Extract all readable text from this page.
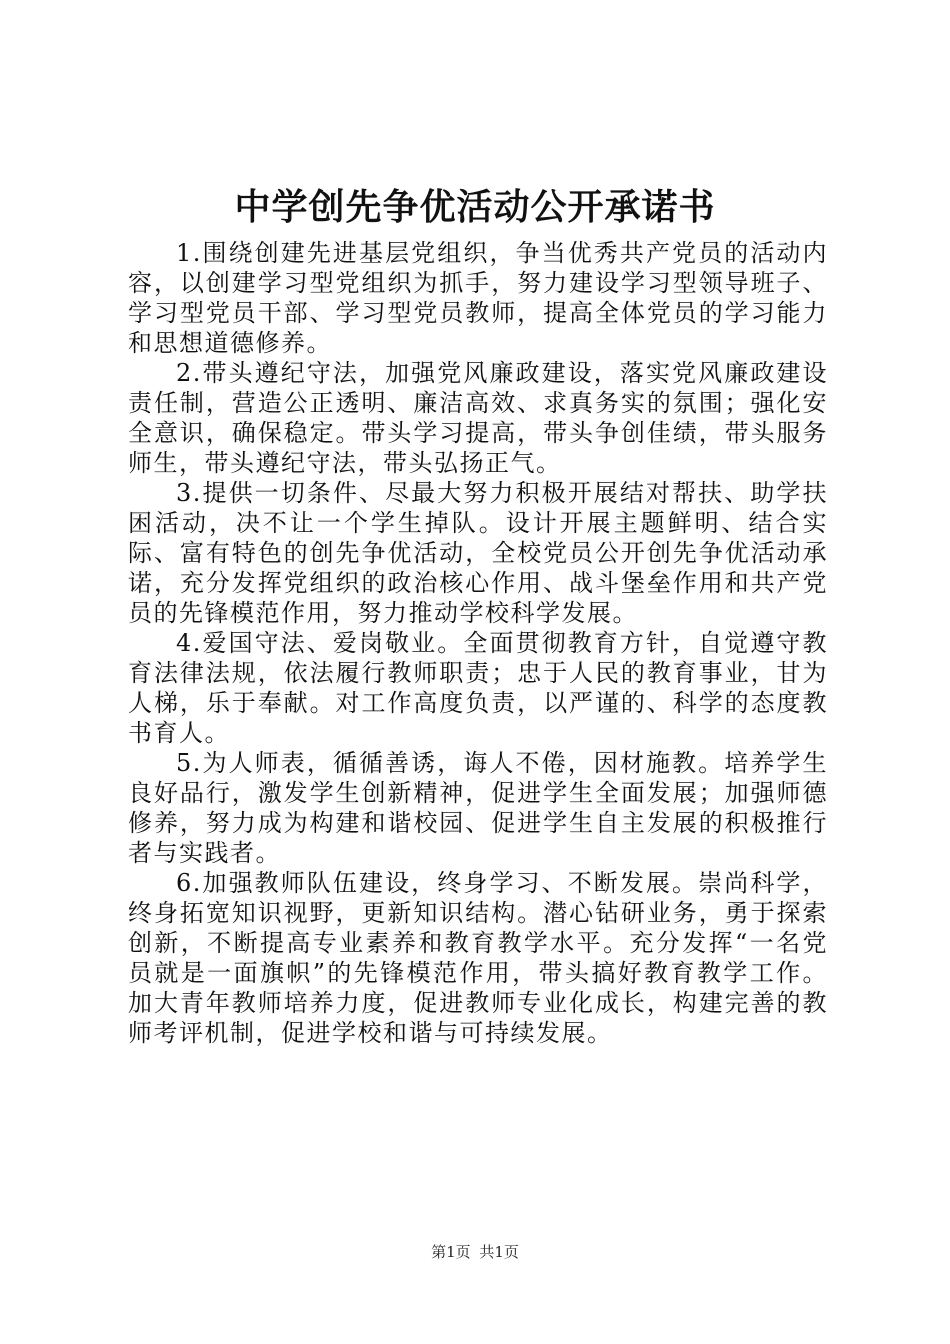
中学创先争优活动公开承诺书

1.围绕创建先进基层党组织，争当优秀共产党员的活动内容，以创建学习型党组织为抓手，努力建设学习型领导班子、学习型党员干部、学习型党员教师，提高全体党员的学习能力和思想道德修养。

2.带头遵纪守法，加强党风廉政建设，落实党风廉政建设责任制，营造公正透明、廉洁高效、求真务实的氛围；强化安全意识，确保稳定。带头学习提高，带头争创佳绩，带头服务师生，带头遵纪守法，带头弘扬正气。

3.提供一切条件、尽最大努力积极开展结对帮扶、助学扶困活动，决不让一个学生掉队。设计开展主题鲜明、结合实际、富有特色的创先争优活动，全校党员公开创先争优活动承诺，充分发挥党组织的政治核心作用、战斗堡垒作用和共产党员的先锋模范作用，努力推动学校科学发展。

4.爱国守法、爱岗敬业。全面贯彻教育方针，自觉遵守教育法律法规，依法履行教师职责；忠于人民的教育事业，甘为人梯，乐于奉献。对工作高度负责，以严谨的、科学的态度教书育人。

5.为人师表，循循善诱，诲人不倦，因材施教。培养学生良好品行，激发学生创新精神，促进学生全面发展；加强师德修养，努力成为构建和谐校园、促进学生自主发展的积极推行者与实践者。

6.加强教师队伍建设，终身学习、不断发展。崇尚科学，终身拓宽知识视野，更新知识结构。潜心钻研业务，勇于探索创新，不断提高专业素养和教育教学水平。充分发挥“一名党员就是一面旗帜”的先锋模范作用，带头搞好教育教学工作。加大青年教师培养力度，促进教师专业化成长，构建完善的教师考评机制，促进学校和谐与可持续发展。

第1页 共1页
